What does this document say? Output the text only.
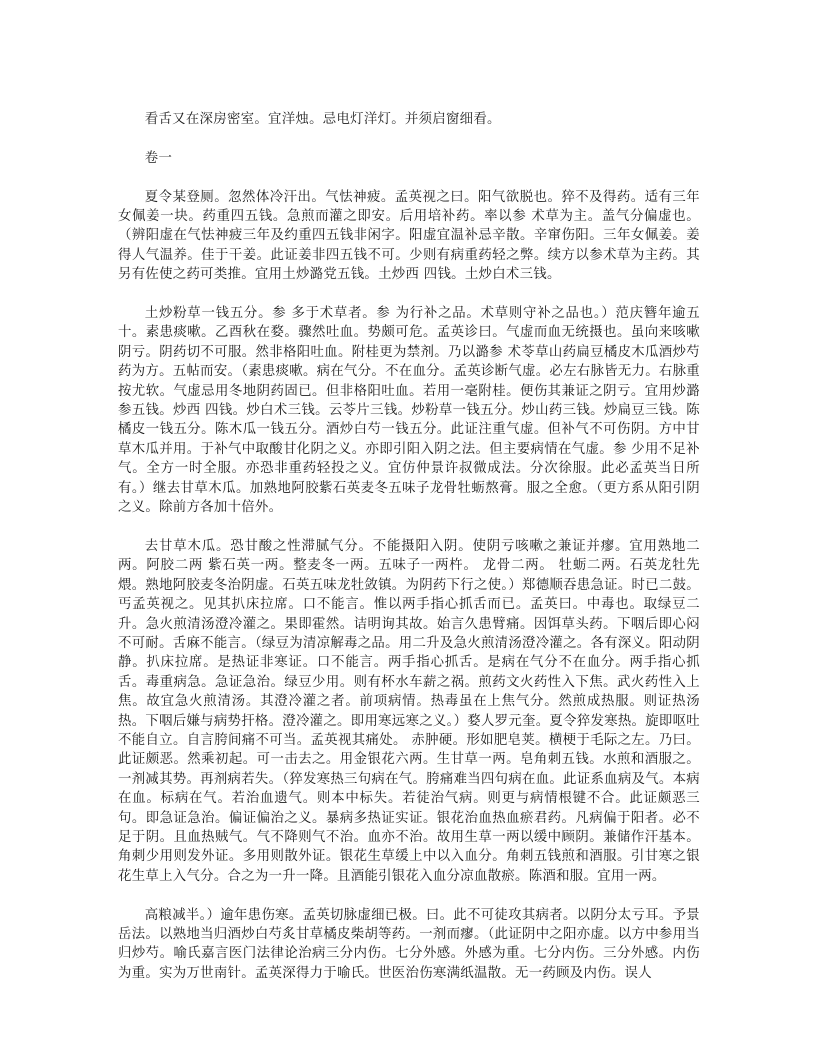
看舌又在深房密室。宜洋烛。忌电灯洋灯。并须启窗细看。

卷一

夏令某登厕。忽然体冷汗出。气怯神疲。孟英视之曰。阳气欲脱也。猝不及得药。适有三年女佩姜一块。药重四五钱。急煎而灌之即安。后用培补药。率以参 术草为主。盖气分偏虚也。（辨阳虚在气怯神疲三年及约重四五钱非闲字。阳虚宜温补忌辛散。辛窜伤阳。三年女佩姜。姜得人气温养。佳于干姜。此证姜非四五钱不可。少则有病重药轻之弊。续方以参术草为主药。其另有佐使之药可类推。宜用土炒潞党五钱。土炒西 四钱。土炒白术三钱。

土炒粉草一钱五分。参 多于术草者。参 为行补之品。术草则守补之品也。）范庆簪年逾五十。素患痰嗽。乙酉秋在婺。骤然吐血。势颇可危。孟英诊曰。气虚而血无统摄也。虽向来咳嗽阴亏。阴药切不可服。然非格阳吐血。附桂更为禁剂。乃以潞参 术苓草山药扁豆橘皮木瓜酒炒芍药为方。五帖而安。（素患痰嗽。病在气分。不在血分。孟英诊断气虚。必左右脉皆无力。右脉重按尤软。气虚忌用冬地阴药固已。但非格阳吐血。若用一毫附桂。便伤其兼证之阴亏。宜用炒潞参五钱。炒西 四钱。炒白术三钱。云苓片三钱。炒粉草一钱五分。炒山药三钱。炒扁豆三钱。陈橘皮一钱五分。陈木瓜一钱五分。酒炒白芍一钱五分。此证注重气虚。但补气不可伤阴。方中甘草木瓜并用。于补气中取酸甘化阴之义。亦即引阳入阴之法。但主要病情在气虚。参 少用不足补气。全方一时全服。亦恐非重药轻投之义。宜仿仲景许叔微成法。分次徐服。此必孟英当日所有。）继去甘草木瓜。加熟地阿胶紫石英麦冬五味子龙骨牡蛎熬膏。服之全愈。（更方系从阳引阴之义。除前方各加十倍外。

去甘草木瓜。恐甘酸之性滞腻气分。不能摄阳入阴。使阴亏咳嗽之兼证并瘳。宜用熟地二两。阿胶二两 紫石英一两。整麦冬一两。五味子一两杵。 龙骨二两。 牡蛎二两。石英龙牡先煨。熟地阿胶麦冬治阴虚。石英五味龙牡敛镇。为阴药下行之使。）郑德顺吞患急证。时已二鼓。丐孟英视之。见其扒床拉席。口不能言。惟以两手指心抓舌而已。孟英曰。中毒也。取绿豆二升。急火煎清汤澄冷灌之。果即霍然。诘明询其故。始言久患臂痛。因饵草头药。下咽后即心闷不可耐。舌麻不能言。（绿豆为清凉解毒之品。用二升及急火煎清汤澄冷灌之。各有深义。阳动阴静。扒床拉席。是热证非寒证。口不能言。两手指心抓舌。是病在气分不在血分。两手指心抓舌。毒重病急。急证急治。绿豆少用。则有杯水车薪之祸。煎药文火药性入下焦。武火药性入上焦。故宜急火煎清汤。其澄冷灌之者。前项病情。热毒虽在上焦气分。然煎成热服。则证热汤热。下咽后嫌与病势扞格。澄冷灌之。即用寒远寒之义。）婺人罗元奎。夏令猝发寒热。旋即呕吐不能自立。自言胯间痛不可当。孟英视其痛处。 赤肿硬。形如肥皂荚。横梗于毛际之左。乃曰。此证颇恶。然乘初起。可一击去之。用金银花六两。生甘草一两。皂角刺五钱。水煎和酒服之。一剂减其势。再剂病若失。（猝发寒热三句病在气。胯痛难当四句病在血。此证系血病及气。本病在血。标病在气。若治血遗气。则本中标失。若徒治气病。则更与病情根键不合。此证颇恶三句。即急证急治。偏证偏治之义。暴病多热证实证。银花治血热血瘀君药。凡病偏于阳者。必不足于阴。且血热贼气。气不降则气不治。血亦不治。故用生草一两以缓中顾阴。兼储作汗基本。角刺少用则发外证。多用则散外证。银花生草缓上中以入血分。角刺五钱煎和酒服。引甘寒之银花生草上入气分。合之为一升一降。且酒能引银花入血分凉血散瘀。陈酒和服。宜用一两。

高粮减半。）逾年患伤寒。孟英切脉虚细已极。曰。此不可徒攻其病者。以阴分太亏耳。予景岳法。以熟地当归酒炒白芍炙甘草橘皮柴胡等药。一剂而瘳。（此证阴中之阳亦虚。以方中参用当归炒芍。喻氏嘉言医门法律论治病三分内伤。七分外感。外感为重。七分内伤。三分外感。内伤为重。实为万世南针。孟英深得力于喻氏。世医治伤寒满纸温散。无一药顾及内伤。误人
